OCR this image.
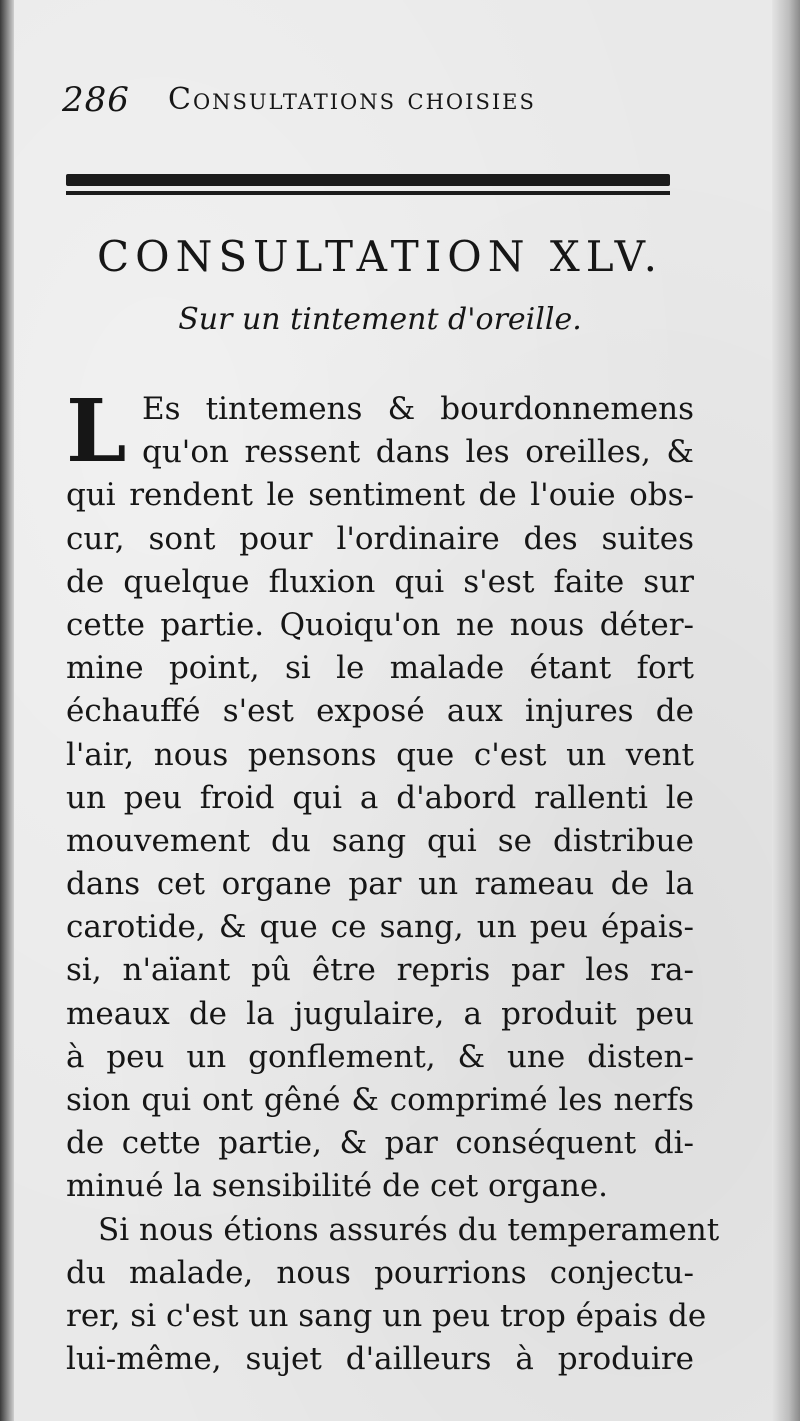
286 Consultations choisies
CONSULTATION XLV.
Sur un tintement d'oreille.
L Es tintemens & bourdonnemens
qu'on ressent dans les oreilles, &
qui rendent le sentiment de l'ouie obs-
cur, sont pour l'ordinaire des suites
de quelque fluxion qui s'est faite sur
cette partie. Quoiqu'on ne nous déter-
mine point, si le malade étant fort
échauffé s'est exposé aux injures de
l'air, nous pensons que c'est un vent
un peu froid qui a d'abord rallenti le
mouvement du sang qui se distribue
dans cet organe par un rameau de la
carotide, & que ce sang, un peu épais-
si, n'aïant pû être repris par les ra-
meaux de la jugulaire, a produit peu
à peu un gonflement, & une disten-
sion qui ont gêné & comprimé les nerfs
de cette partie, & par conséquent di-
minué la sensibilité de cet organe.
Si nous étions assurés du temperament
du malade, nous pourrions conjectu-
rer, si c'est un sang un peu trop épais de
lui-même, sujet d'ailleurs à produire
